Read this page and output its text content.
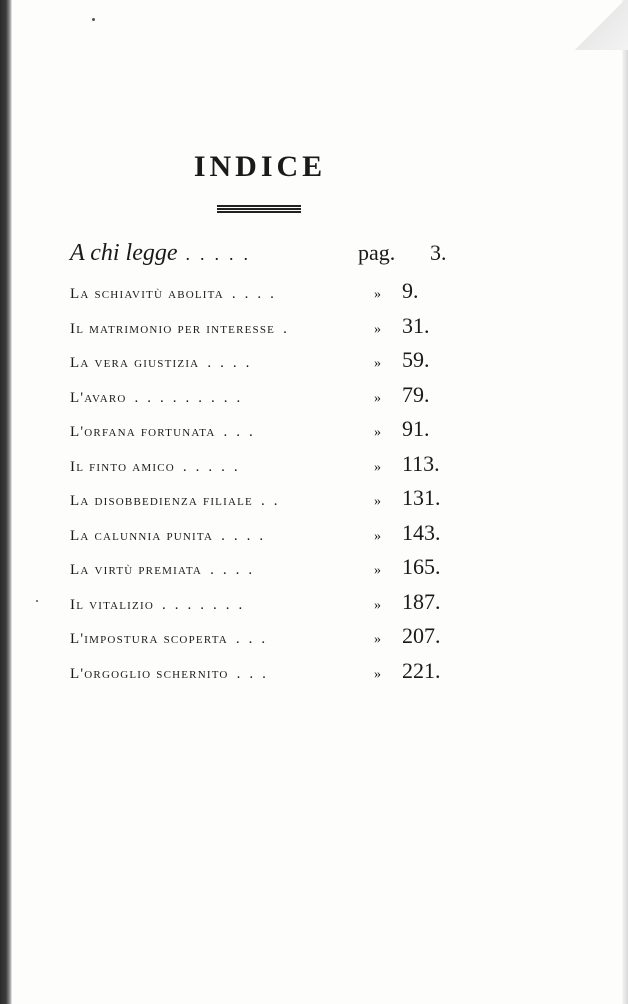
INDICE
A chi legge .....	pag.	3.
La schiavitù abolita ....	» 9.
Il matrimonio per interesse .	» 31.
La vera giustizia ....	» 59.
L'avaro .........	» 79.
L'orfana fortunata ...	» 91.
Il finto amico .....	» 113.
La disobbedienza filiale ..	» 131.
La calunnia punita ....	» 143.
La virtù premiata ....	» 165.
Il vitalizio .......	» 187.
L'impostura scoperta ...	» 207.
L'orgoglio schernito ...	» 221.
